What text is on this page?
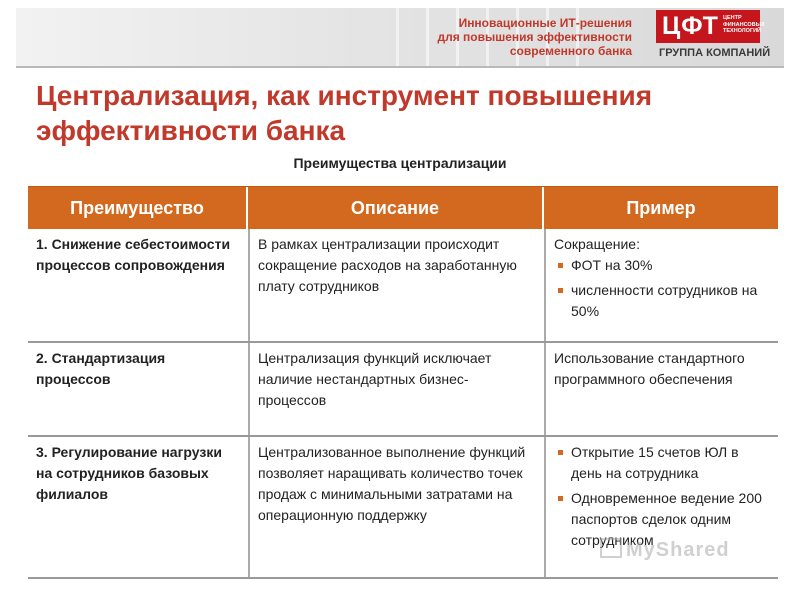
Инновационные ИТ-решения
для повышения эффективности
современного банка
ЦФТ ЦЕНТР
ФИНАНСОВЫХ
ТЕХНОЛОГИЙ
ГРУППА КОМПАНИЙ
Централизация, как инструмент повышения
эффективности банка
Преимущества централизации
Преимущество	Описание	Пример
1. Снижение себестоимости процессов сопровождения
В рамках централизации происходит сокращение расходов на заработанную плату сотрудников
Сокращение:
ФОТ на 30%
численности сотрудников на 50%
2. Стандартизация процессов
Централизация функций исключает наличие нестандартных бизнес-процессов
Использование стандартного программного обеспечения
3. Регулирование нагрузки на сотрудников базовых филиалов
Централизованное выполнение функций позволяет наращивать количество точек продаж с минимальными затратами на операционную поддержку
Открытие 15 счетов ЮЛ в день на сотрудника
Одновременное ведение 200 паспортов сделок одним сотрудником
MyShared
